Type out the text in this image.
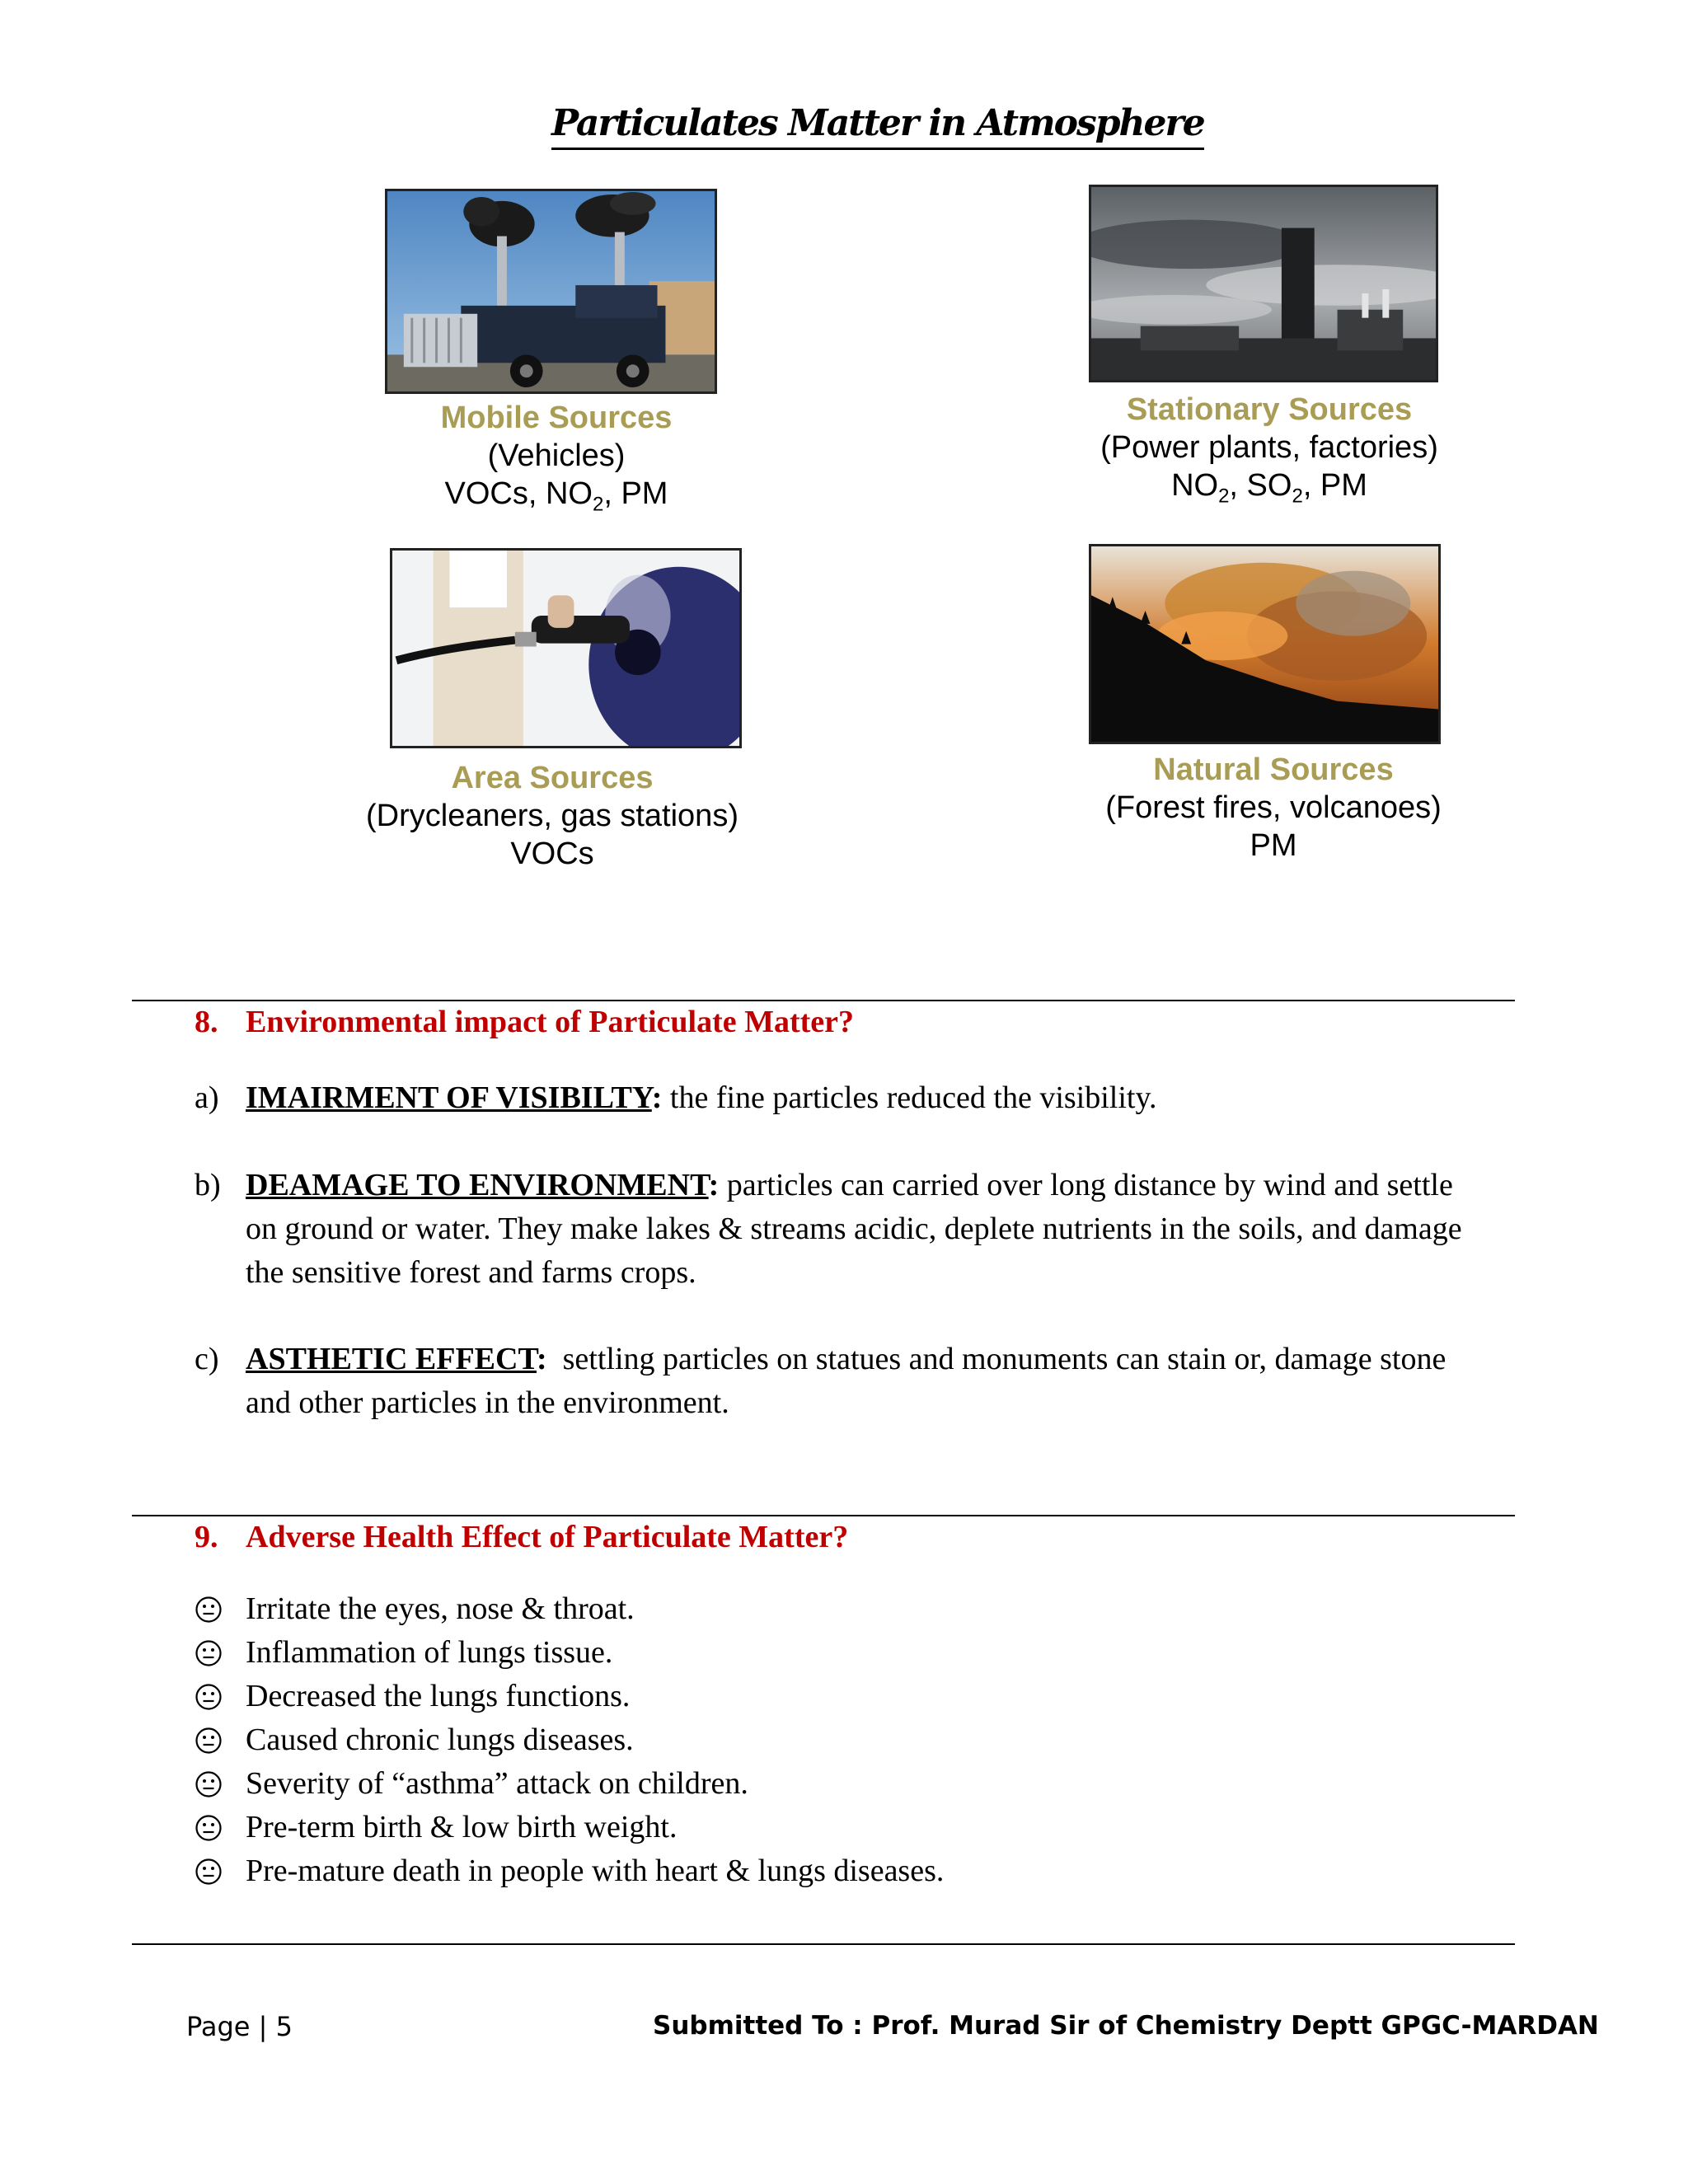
Particulates Matter in Atmosphere
Mobile Sources
(Vehicles)
VOCs, $NO_2$, PM
Stationary Sources
(Power plants, factories)
$NO_2$, $SO_2$, PM
Area Sources
(Drycleaners, gas stations)
VOCs
Natural Sources
(Forest fires, volcanoes)
PM
8. Environmental impact of Particulate Matter?
a) IMAIRMENT OF VISIBILTY: the fine particles reduced the visibility.
b) DEAMAGE TO ENVIRONMENT: particles can carried over long distance by wind and settle
on ground or water. They make lakes & streams acidic, deplete nutrients in the soils, and damage
the sensitive forest and farms crops.
c) ASTHETIC EFFECT:  settling particles on statues and monuments can stain or, damage stone
and other particles in the environment.
9. Adverse Health Effect of Particulate Matter?
Irritate the eyes, nose & throat.
Inflammation of lungs tissue.
Decreased the lungs functions.
Caused chronic lungs diseases.
Severity of “asthma” attack on children.
Pre-term birth & low birth weight.
Pre-mature death in people with heart & lungs diseases.
Page | 5	Submitted To : Prof. Murad Sir of Chemistry Deptt GPGC-MARDAN
